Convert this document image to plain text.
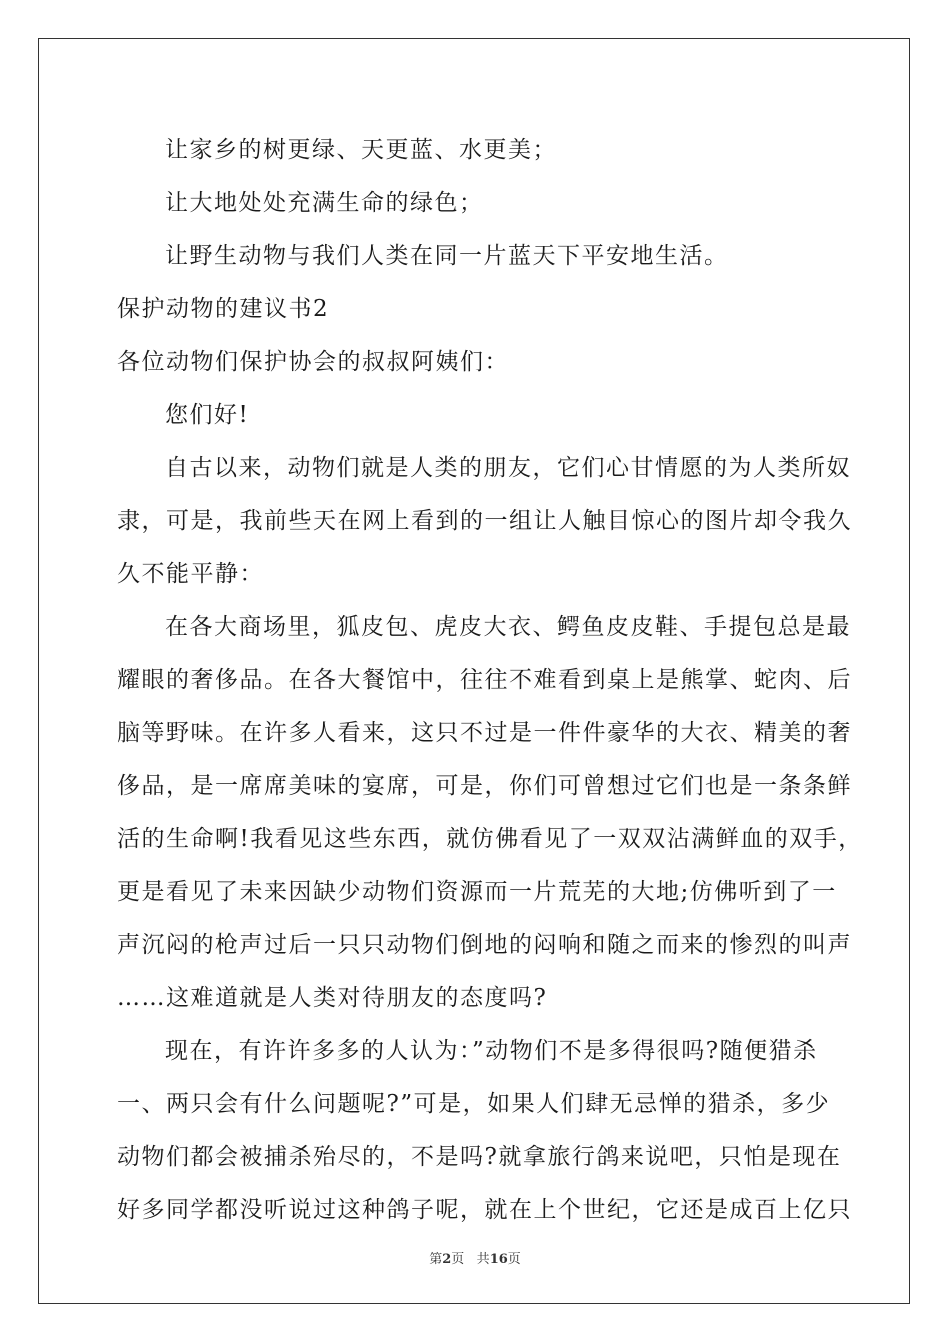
让家乡的树更绿、天更蓝、水更美；
让大地处处充满生命的绿色；
让野生动物与我们人类在同一片蓝天下平安地生活。
保护动物的建议书2
各位动物们保护协会的叔叔阿姨们：
您们好!
自古以来，动物们就是人类的朋友，它们心甘情愿的为人类所奴
隶，可是，我前些天在网上看到的一组让人触目惊心的图片却令我久
久不能平静：
在各大商场里，狐皮包、虎皮大衣、鳄鱼皮皮鞋、手提包总是最
耀眼的奢侈品。在各大餐馆中，往往不难看到桌上是熊掌、蛇肉、后
脑等野味。在许多人看来，这只不过是一件件豪华的大衣、精美的奢
侈品，是一席席美味的宴席，可是，你们可曾想过它们也是一条条鲜
活的生命啊!我看见这些东西，就仿佛看见了一双双沾满鲜血的双手，
更是看见了未来因缺少动物们资源而一片荒芜的大地;仿佛听到了一
声沉闷的枪声过后一只只动物们倒地的闷响和随之而来的惨烈的叫声
……这难道就是人类对待朋友的态度吗?
现在，有许许多多的人认为：”动物们不是多得很吗?随便猎杀
一、两只会有什么问题呢?”可是，如果人们肆无忌惮的猎杀，多少
动物们都会被捕杀殆尽的，不是吗?就拿旅行鸽来说吧，只怕是现在
好多同学都没听说过这种鸽子呢，就在上个世纪，它还是成百上亿只
第2页 共16页
